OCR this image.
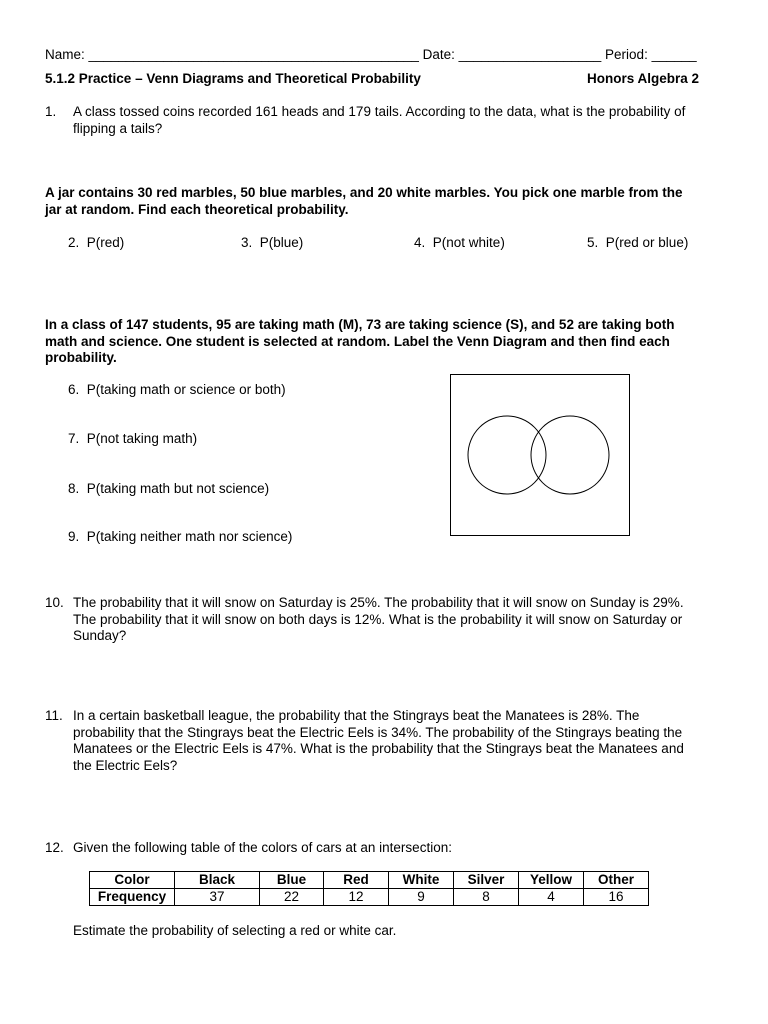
Name: ____________________________________________ Date: ___________________ Period: ______
5.1.2 Practice – Venn Diagrams and Theoretical Probability	Honors Algebra 2
1. A class tossed coins recorded 161 heads and 179 tails. According to the data, what is the probability of
flipping a tails?
A jar contains 30 red marbles, 50 blue marbles, and 20 white marbles. You pick one marble from the
jar at random. Find each theoretical probability.
2. P(red)	3. P(blue)	4. P(not white)	5. P(red or blue)
In a class of 147 students, 95 are taking math (M), 73 are taking science (S), and 52 are taking both
math and science. One student is selected at random. Label the Venn Diagram and then find each
probability.
6. P(taking math or science or both)
7. P(not taking math)
8. P(taking math but not science)
9. P(taking neither math nor science)
10. The probability that it will snow on Saturday is 25%. The probability that it will snow on Sunday is 29%.
The probability that it will snow on both days is 12%. What is the probability it will snow on Saturday or
Sunday?
11. In a certain basketball league, the probability that the Stingrays beat the Manatees is 28%. The
probability that the Stingrays beat the Electric Eels is 34%. The probability of the Stingrays beating the
Manatees or the Electric Eels is 47%. What is the probability that the Stingrays beat the Manatees and
the Electric Eels?
12. Given the following table of the colors of cars at an intersection:
Color	Black	Blue	Red	White	Silver	Yellow	Other
Frequency	37	22	12	9	8	4	16
Estimate the probability of selecting a red or white car.
